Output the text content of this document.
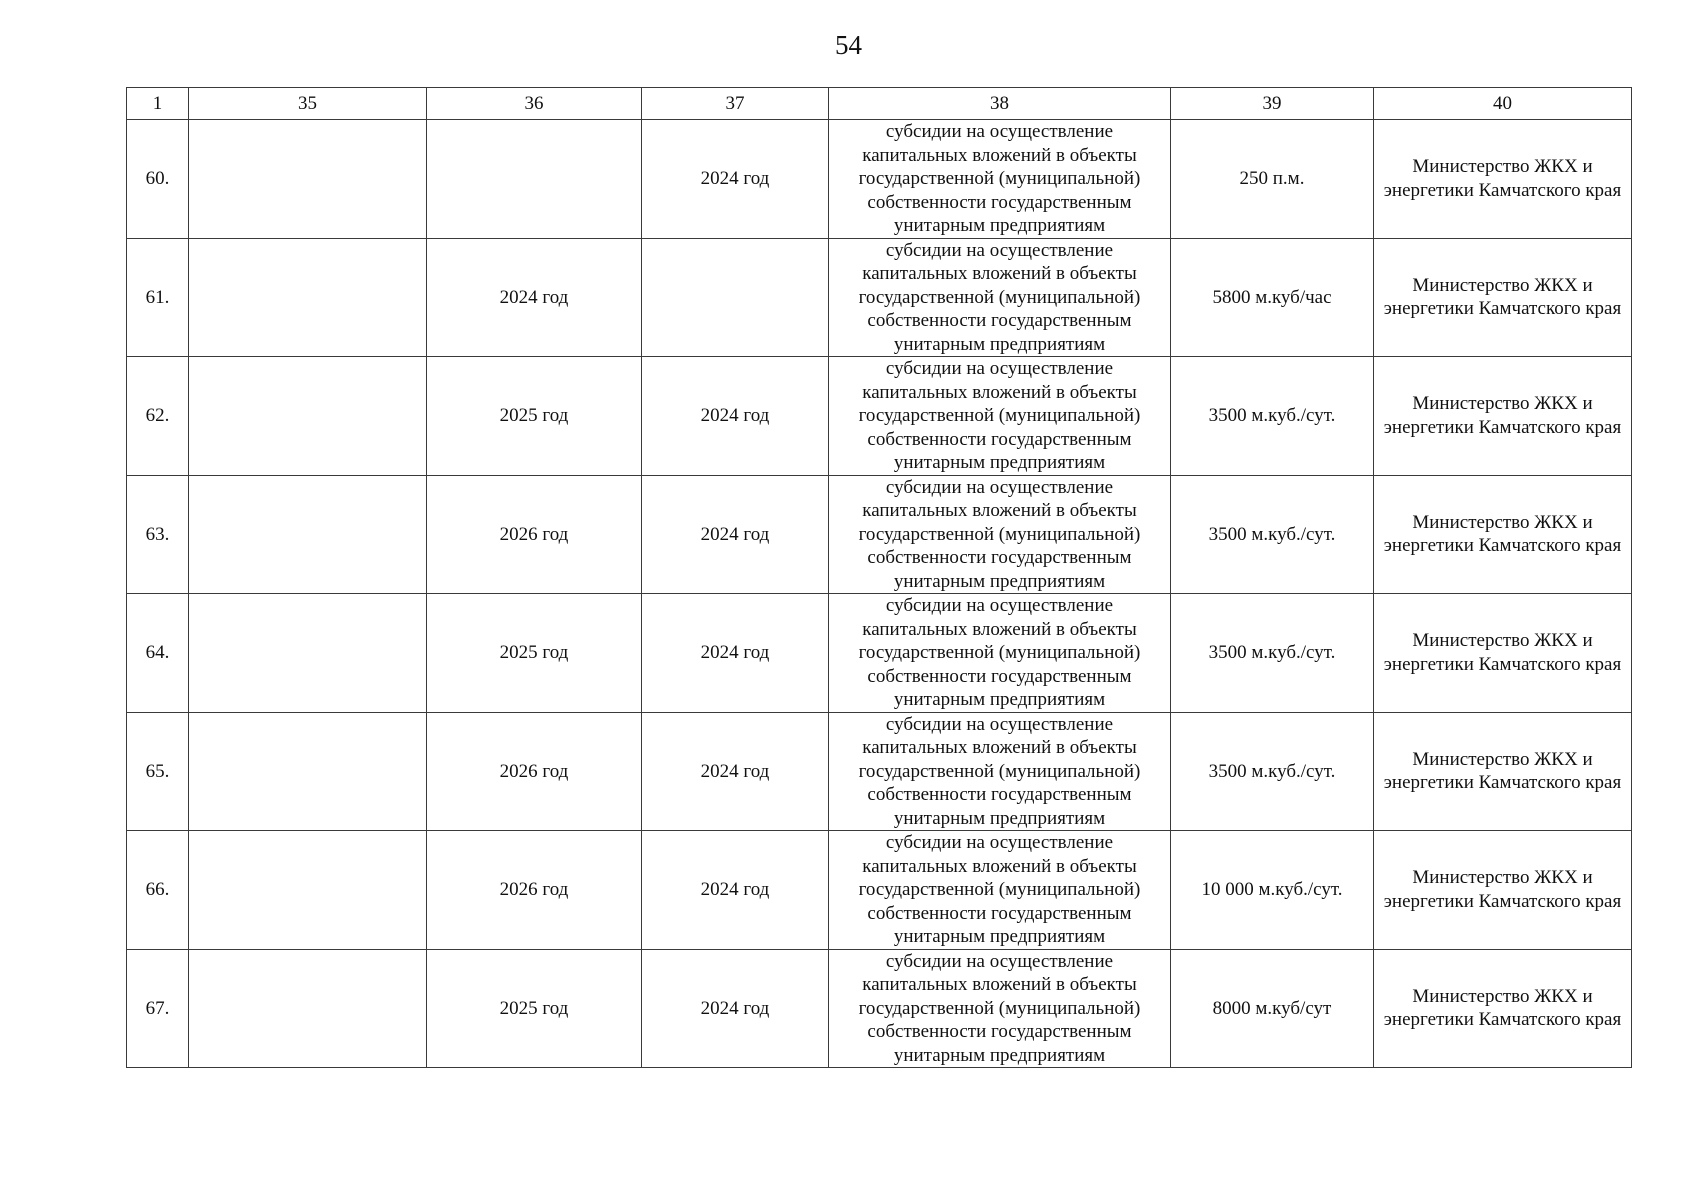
54
1	35	36	37	38	39	40
60.			2024 год	субсидии на осуществление капитальных вложений в объекты государственной (муниципальной) собственности государственным унитарным предприятиям	250 п.м.	Министерство ЖКХ и энергетики Камчатского края
61.		2024 год		субсидии на осуществление капитальных вложений в объекты государственной (муниципальной) собственности государственным унитарным предприятиям	5800 м.куб/час	Министерство ЖКХ и энергетики Камчатского края
62.		2025 год	2024 год	субсидии на осуществление капитальных вложений в объекты государственной (муниципальной) собственности государственным унитарным предприятиям	3500 м.куб./сут.	Министерство ЖКХ и энергетики Камчатского края
63.		2026 год	2024 год	субсидии на осуществление капитальных вложений в объекты государственной (муниципальной) собственности государственным унитарным предприятиям	3500 м.куб./сут.	Министерство ЖКХ и энергетики Камчатского края
64.		2025 год	2024 год	субсидии на осуществление капитальных вложений в объекты государственной (муниципальной) собственности государственным унитарным предприятиям	3500 м.куб./сут.	Министерство ЖКХ и энергетики Камчатского края
65.		2026 год	2024 год	субсидии на осуществление капитальных вложений в объекты государственной (муниципальной) собственности государственным унитарным предприятиям	3500 м.куб./сут.	Министерство ЖКХ и энергетики Камчатского края
66.		2026 год	2024 год	субсидии на осуществление капитальных вложений в объекты государственной (муниципальной) собственности государственным унитарным предприятиям	10 000 м.куб./сут.	Министерство ЖКХ и энергетики Камчатского края
67.		2025 год	2024 год	субсидии на осуществление капитальных вложений в объекты государственной (муниципальной) собственности государственным унитарным предприятиям	8000 м.куб/сут	Министерство ЖКХ и энергетики Камчатского края
